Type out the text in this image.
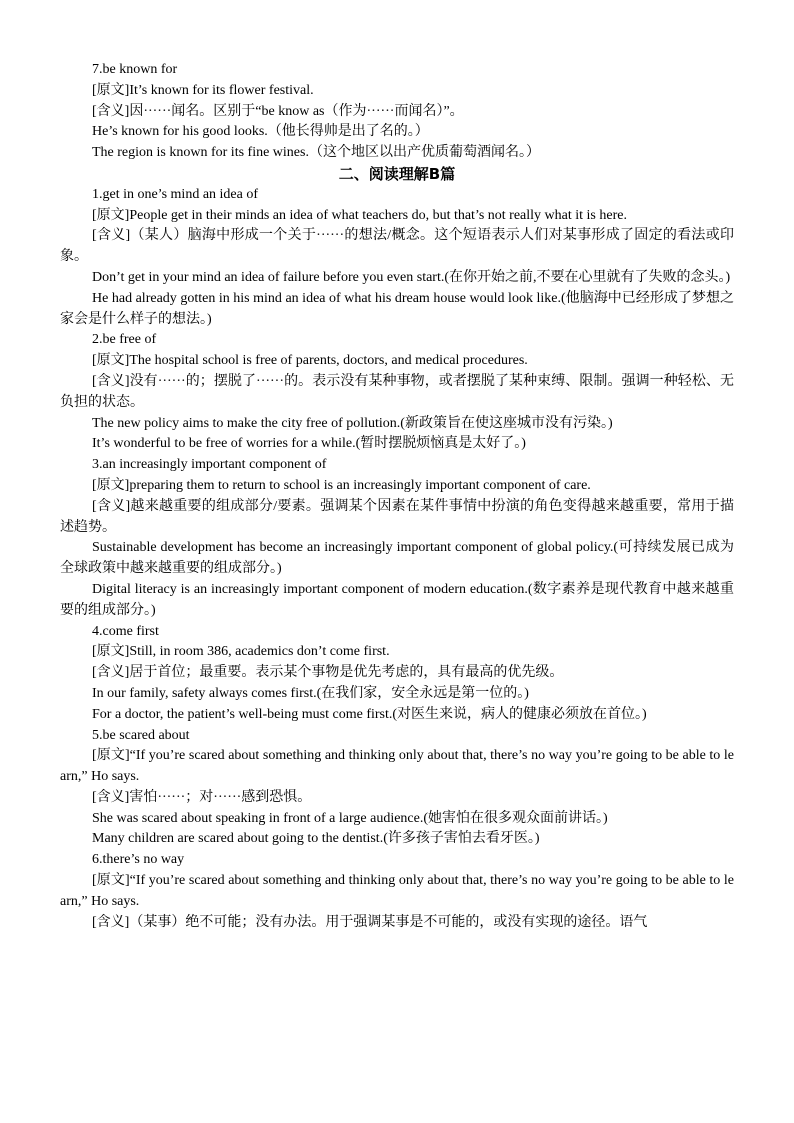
7.be known for

[原文]It’s known for its flower festival.

[含义]因······闻名。区别于“be know as（作为······而闻名）”。

He’s known for his good looks.（他长得帅是出了名的。）

The region is known for its fine wines.（这个地区以出产优质葡萄酒闻名。）

二、阅读理解B篇

1.get in one’s mind an idea of

[原文]People get in their minds an idea of what teachers do, but that’s not really what it is here.

[含义]（某人）脑海中形成一个关于······的想法/概念。这个短语表示人们对某事形成了固定的看法或印象。

Don’t get in your mind an idea of failure before you even start.(在你开始之前,不要在心里就有了失败的念头。)

He had already gotten in his mind an idea of what his dream house would look like.(他脑海中已经形成了梦想之家会是什么样子的想法。)

2.be free of

[原文]The hospital school is free of parents, doctors, and medical procedures.

[含义]没有······的；摆脱了······的。表示没有某种事物，或者摆脱了某种束缚、限制。强调一种轻松、无负担的状态。

The new policy aims to make the city free of pollution.(新政策旨在使这座城市没有污染。)

It’s wonderful to be free of worries for a while.(暂时摆脱烦恼真是太好了。)

3.an increasingly important component of

[原文]preparing them to return to school is an increasingly important component of care.

[含义]越来越重要的组成部分/要素。强调某个因素在某件事情中扮演的角色变得越来越重要，常用于描述趋势。

Sustainable development has become an increasingly important component of global policy.(可持续发展已成为全球政策中越来越重要的组成部分。)

Digital literacy is an increasingly important component of modern education.(数字素养是现代教育中越来越重要的组成部分。)

4.come first

[原文]Still, in room 386, academics don’t come first.

[含义]居于首位；最重要。表示某个事物是优先考虑的，具有最高的优先级。

In our family, safety always comes first.(在我们家，安全永远是第一位的。)

For a doctor, the patient’s well-being must come first.(对医生来说，病人的健康必须放在首位。)

5.be scared about

[原文]“If you’re scared about something and thinking only about that, there’s no way you’re going to be able to learn,” Ho says.

[含义]害怕······；对······感到恐惧。

She was scared about speaking in front of a large audience.(她害怕在很多观众面前讲话。)

Many children are scared about going to the dentist.(许多孩子害怕去看牙医。)

6.there’s no way

[原文]“If you’re scared about something and thinking only about that, there’s no way you’re going to be able to learn,” Ho says.

[含义]（某事）绝不可能；没有办法。用于强调某事是不可能的，或没有实现的途径。语气
